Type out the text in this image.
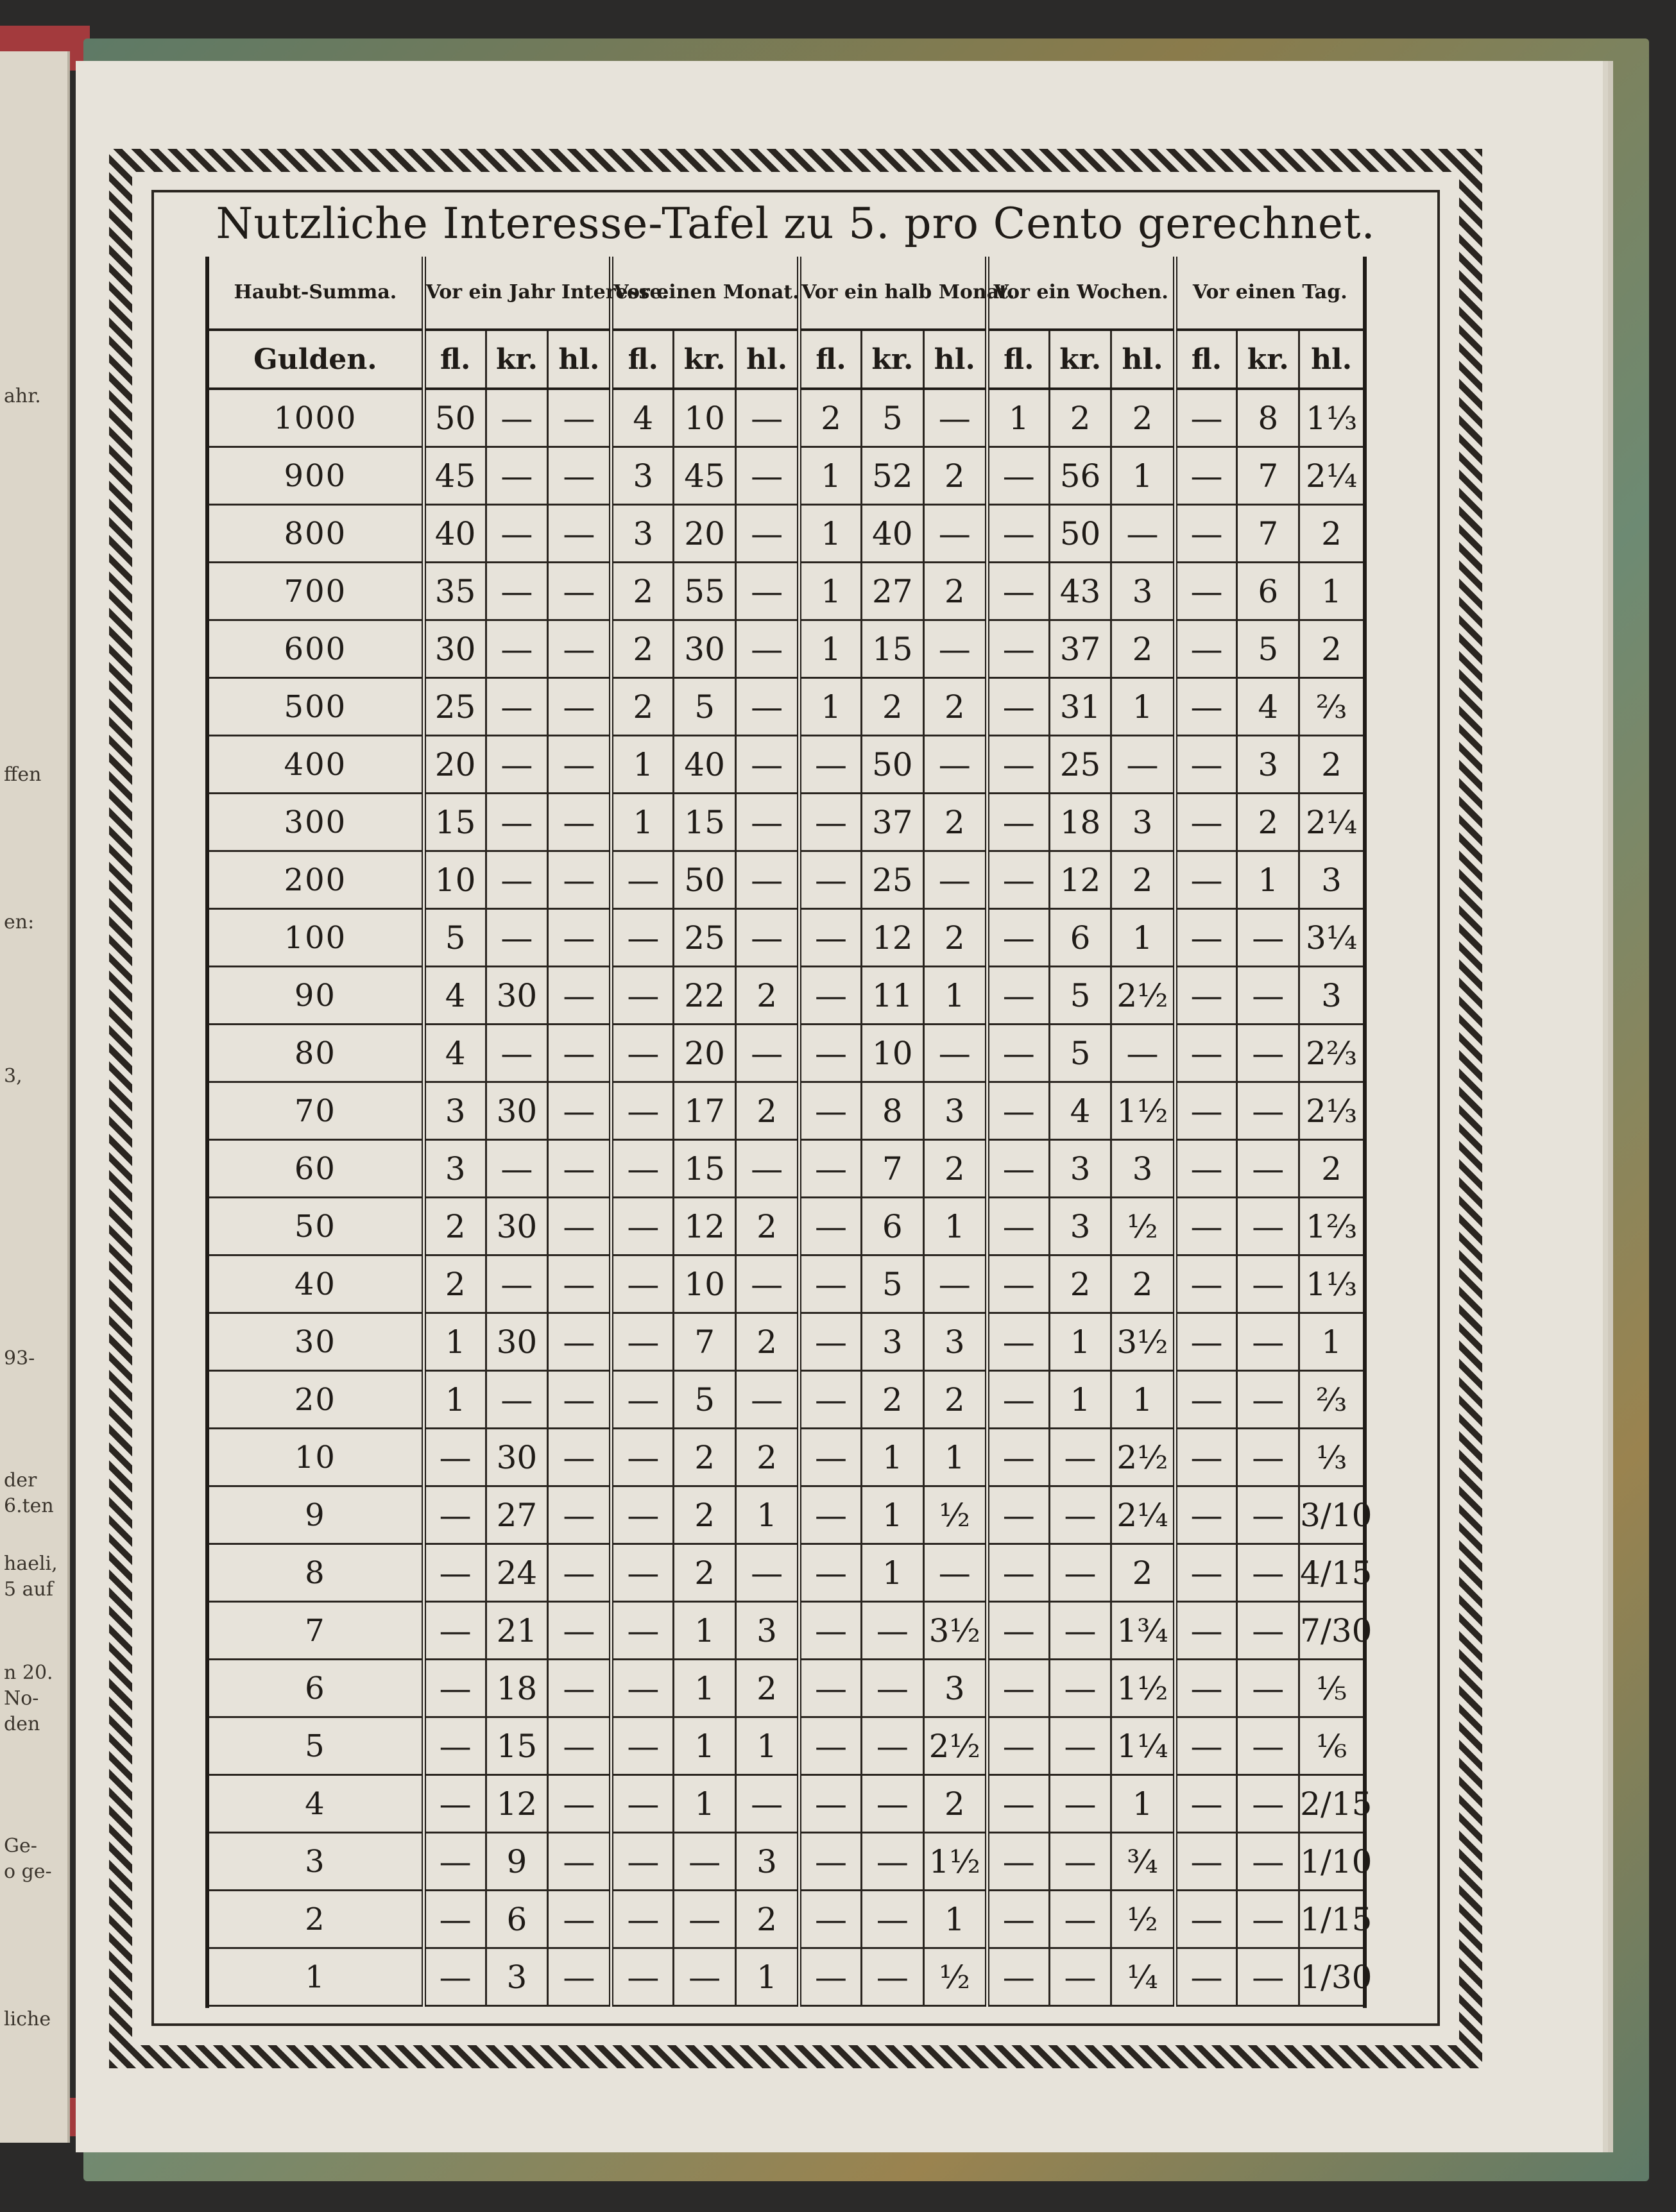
ahr.
ffen
en:
3,
93-
der
6.ten
haeli,
5 auf
n 20.
No-
den
Ge-
o ge-
liche
Nutzliche Interesse-Tafel zu 5. pro Cento gerechnet.
Haubt-Summa.	Vor ein Jahr Interesse.			Vor einen Monat.			Vor ein halb Monat.			Vor ein Wochen.			Vor einen Tag.		
Gulden.	fl.	kr.	hl.	fl.	kr.	hl.	fl.	kr.	hl.	fl.	kr.	hl.	fl.	kr.	hl.
1000	50	—	—	4	10	—	2	5	—	1	2	2	—	8	1⅓
900	45	—	—	3	45	—	1	52	2	—	56	1	—	7	2¼
800	40	—	—	3	20	—	1	40	—	—	50	—	—	7	2
700	35	—	—	2	55	—	1	27	2	—	43	3	—	6	1
600	30	—	—	2	30	—	1	15	—	—	37	2	—	5	2
500	25	—	—	2	5	—	1	2	2	—	31	1	—	4	⅔
400	20	—	—	1	40	—	—	50	—	—	25	—	—	3	2
300	15	—	—	1	15	—	—	37	2	—	18	3	—	2	2¼
200	10	—	—	—	50	—	—	25	—	—	12	2	—	1	3
100	5	—	—	—	25	—	—	12	2	—	6	1	—	—	3¼
90	4	30	—	—	22	2	—	11	1	—	5	2½	—	—	3
80	4	—	—	—	20	—	—	10	—	—	5	—	—	—	2⅔
70	3	30	—	—	17	2	—	8	3	—	4	1½	—	—	2⅓
60	3	—	—	—	15	—	—	7	2	—	3	3	—	—	2
50	2	30	—	—	12	2	—	6	1	—	3	½	—	—	1⅔
40	2	—	—	—	10	—	—	5	—	—	2	2	—	—	1⅓
30	1	30	—	—	7	2	—	3	3	—	1	3½	—	—	1
20	1	—	—	—	5	—	—	2	2	—	1	1	—	—	⅔
10	—	30	—	—	2	2	—	1	1	—	—	2½	—	—	⅓
9	—	27	—	—	2	1	—	1	½	—	—	2¼	—	—	3/10
8	—	24	—	—	2	—	—	1	—	—	—	2	—	—	4/15
7	—	21	—	—	1	3	—	—	3½	—	—	1¾	—	—	7/30
6	—	18	—	—	1	2	—	—	3	—	—	1½	—	—	⅕
5	—	15	—	—	1	1	—	—	2½	—	—	1¼	—	—	⅙
4	—	12	—	—	1	—	—	—	2	—	—	1	—	—	2/15
3	—	9	—	—	—	3	—	—	1½	—	—	¾	—	—	1/10
2	—	6	—	—	—	2	—	—	1	—	—	½	—	—	1/15
1	—	3	—	—	—	1	—	—	½	—	—	¼	—	—	1/30
